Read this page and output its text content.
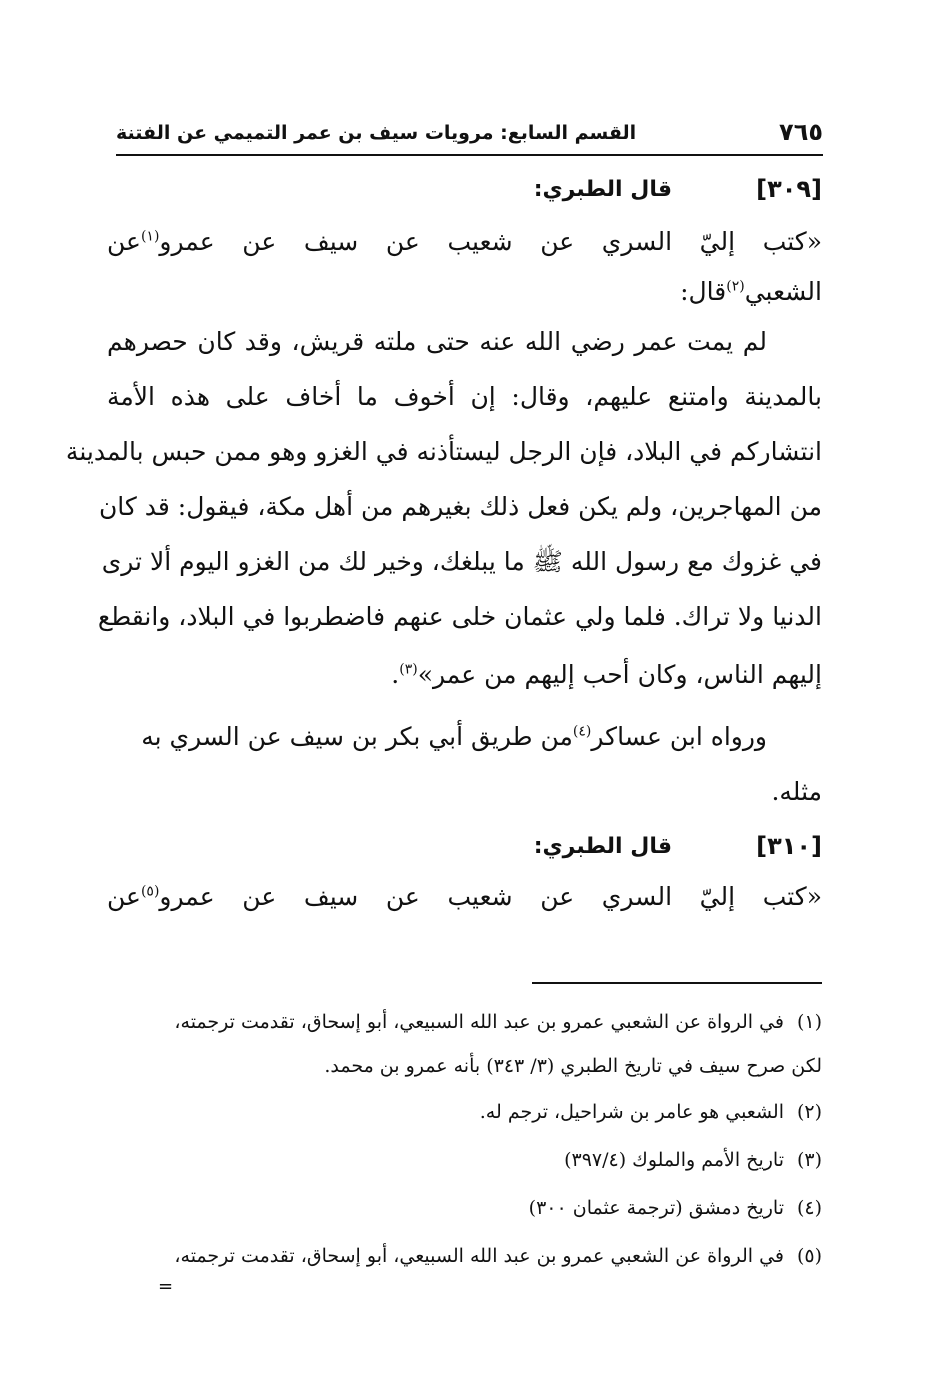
٧٦٥
القسم السابع: مرويات سيف بن عمر التميمي عن الفتنة
[٣٠٩]
قال الطبري:
«كتب إليّ السري عن شعيب عن سيف عن عمرو$^{(١)}$عن
الشعبي$^{(٢)}$قال:
لم يمت عمر رضي الله عنه حتى ملته قريش، وقد كان حصرهم
بالمدينة وامتنع عليهم، وقال: إن أخوف ما أخاف على هذه الأمة
انتشاركم في البلاد، فإن الرجل ليستأذنه في الغزو وهو ممن حبس بالمدينة
من المهاجرين، ولم يكن فعل ذلك بغيرهم من أهل مكة، فيقول: قد كان
في غزوك مع رسول الله ﷺ ما يبلغك، وخير لك من الغزو اليوم ألا ترى
الدنيا ولا تراك. فلما ولي عثمان خلى عنهم فاضطربوا في البلاد، وانقطع
إليهم الناس، وكان أحب إليهم من عمر»$^{(٣)}$.
ورواه ابن عساكر$^{(٤)}$من طريق أبي بكر بن سيف عن السري به
مثله.
[٣١٠]
قال الطبري:
«كتب إليّ السري عن شعيب عن سيف عن عمرو$^{(٥)}$عن
(١)في الرواة عن الشعبي عمرو بن عبد الله السبيعي، أبو إسحاق، تقدمت ترجمته،
لكن صرح سيف في تاريخ الطبري (٣/ ٣٤٣) بأنه عمرو بن محمد.
(٢)الشعبي هو عامر بن شراحيل، ترجم له.
(٣)تاريخ الأمم والملوك (٣٩٧/٤)
(٤)تاريخ دمشق (ترجمة عثمان ٣٠٠)
(٥)في الرواة عن الشعبي عمرو بن عبد الله السبيعي، أبو إسحاق، تقدمت ترجمته،
=
